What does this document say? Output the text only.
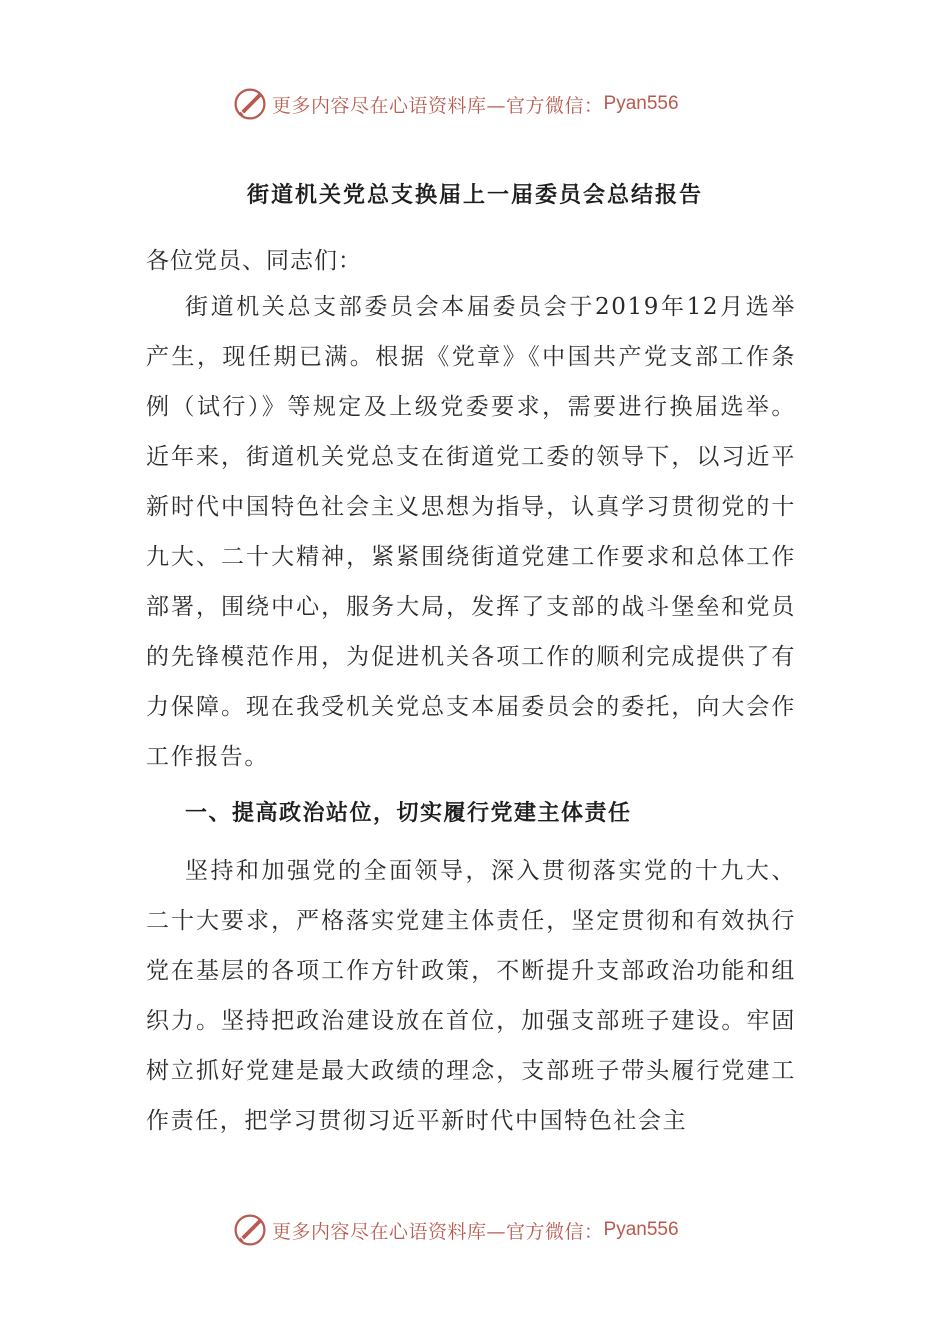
更多内容尽在心语资料库—官方微信： Pyan556
街道机关党总支换届上一届委员会总结报告
各位党员、同志们：

街道机关总支部委员会本届委员会于2019年12月选举产生，现任期已满。根据《党章》《中国共产党支部工作条例（试行）》等规定及上级党委要求，需要进行换届选举。近年来，街道机关党总支在街道党工委的领导下，以习近平新时代中国特色社会主义思想为指导，认真学习贯彻党的十九大、二十大精神，紧紧围绕街道党建工作要求和总体工作部署，围绕中心，服务大局，发挥了支部的战斗堡垒和党员的先锋模范作用，为促进机关各项工作的顺利完成提供了有力保障。现在我受机关党总支本届委员会的委托，向大会作工作报告。

一、提高政治站位，切实履行党建主体责任

坚持和加强党的全面领导，深入贯彻落实党的十九大、二十大要求，严格落实党建主体责任，坚定贯彻和有效执行党在基层的各项工作方针政策，不断提升支部政治功能和组织力。坚持把政治建设放在首位，加强支部班子建设。牢固树立抓好党建是最大政绩的理念，支部班子带头履行党建工作责任，把学习贯彻习近平新时代中国特色社会主

更多内容尽在心语资料库—官方微信： Pyan556
